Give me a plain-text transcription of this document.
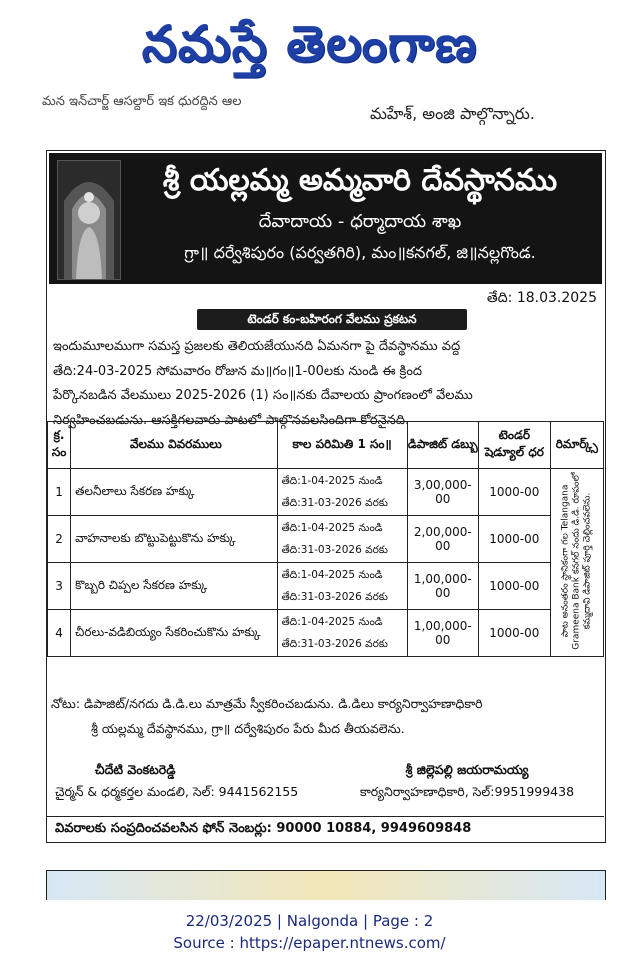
నమస్తే తెలంగాణ
మన ఇన్‌చార్జ్ ఆసల్దార్ ఇక ధురద్దిన ఆల
మహేశ్, అంజి పాల్గొన్నారు.
శ్రీ యల్లమ్మ అమ్మవారి దేవస్థానము
దేవాదాయ - ధర్మాదాయ శాఖ
గ్రా॥ దర్వేశిపురం (పర్వతగిరి), మం॥కనగల్, జి॥నల్లగొండ.
తేది: 18.03.2025
టెండర్ కం-బహిరంగ వేలము ప్రకటన
ఇందుమూలముగా సమస్త ప్రజలకు తెలియజేయునది ఏమనగా పై దేవస్థానము వద్ద
తేది:24-03-2025 సోమవారం రోజున మ॥గం॥1-00లకు నుండి ఈ క్రింద
పేర్కొనబడిన వేలములు 2025-2026 (1) సం॥నకు దేవాలయ ప్రాంగణంలో వేలము
నిర్వహించబడును. ఆసక్తిగలవారు పాటలో పాల్గొనవలసిందిగా కోరనైనది.
క్ర. సం	వేలము వివరములు	కాల పరిమితి 1 సం॥	డిపాజిట్ డబ్బు	టెండర్ షెడ్యూల్ ధర	రిమార్క్స్
1	తలనీలాలు సేకరణ హక్కు	తేది:1-04-2025 నుండి
తేది:31-03-2026 వరకు	3,00,000-00	1000-00	పాట అనంతరం స్థానికంగా గల Telangana Grameena Bank కనగల్ నందు డి.డి. రూపంలో కమ్మదావి డిపాజిట్ పూర్తి చెల్లించవలెను.

2	వాహనాలకు బొట్టుపెట్టుకొను హక్కు	తేది:1-04-2025 నుండి
తేది:31-03-2026 వరకు	2,00,000-00	1000-00	
3	కొబ్బరి చిప్పల సేకరణ హక్కు	తేది:1-04-2025 నుండి
తేది:31-03-2026 వరకు	1,00,000-00	1000-00	
4	చీరలు-వడిబియ్యం సేకరించుకొను హక్కు	తేది:1-04-2025 నుండి
తేది:31-03-2026 వరకు	1,00,000-00	1000-00	
నోటు: డిపాజిట్/నగదు డి.డి.లు మాత్రమే స్వీకరించబడును. డి.డిలు కార్యనిర్వాహణాధికారి
శ్రీ యల్లమ్మ దేవస్థానము, గ్రా॥ దర్వేశిపురం పేరు మీద తీయవలెను.
చీదేటి వెంకటరెడ్డి
చైర్మన్ & ధర్మకర్తల మండలి, సెల్: 9441562155
శ్రీ జిల్లెపల్లి జయరామయ్య
కార్యనిర్వాహణాధికారి, సెల్:9951999438
వివరాలకు సంప్రదించవలసిన ఫోన్ నెంబర్లు: 90000 10884, 9949609848
22/03/2025 | Nalgonda | Page : 2
Source : https://epaper.ntnews.com/
